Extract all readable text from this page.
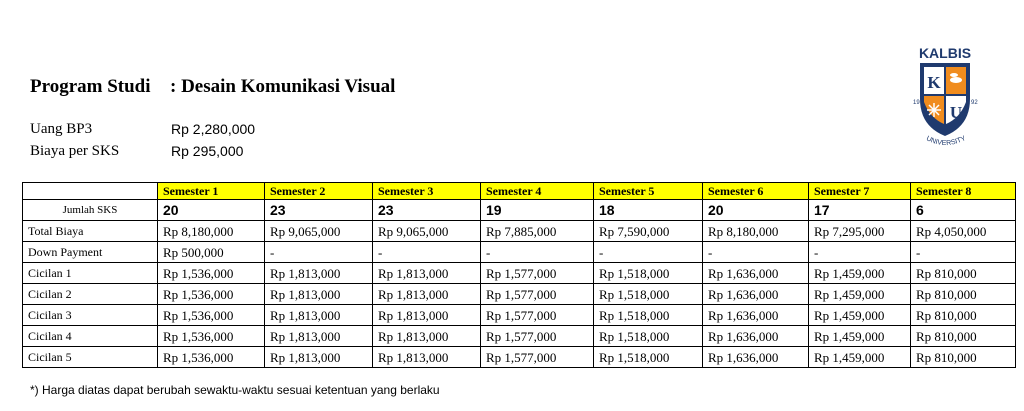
Program Studi : Desain Komunikasi Visual
Uang BP3	Rp 2,280,000
Biaya per SKS	Rp 295,000
KALBIS
K
U
19	92
UNIVERSITY
	Semester 1	Semester 2	Semester 3	Semester 4	Semester 5	Semester 6	Semester 7	Semester 8
Jumlah SKS	20	23	23	19	18	20	17	6
Total Biaya	Rp 8,180,000	Rp 9,065,000	Rp 9,065,000	Rp 7,885,000	Rp 7,590,000	Rp 8,180,000	Rp 7,295,000	Rp 4,050,000
Down Payment	Rp 500,000	-	-	-	-	-	-	-
Cicilan 1	Rp 1,536,000	Rp 1,813,000	Rp 1,813,000	Rp 1,577,000	Rp 1,518,000	Rp 1,636,000	Rp 1,459,000	Rp 810,000
Cicilan 2	Rp 1,536,000	Rp 1,813,000	Rp 1,813,000	Rp 1,577,000	Rp 1,518,000	Rp 1,636,000	Rp 1,459,000	Rp 810,000
Cicilan 3	Rp 1,536,000	Rp 1,813,000	Rp 1,813,000	Rp 1,577,000	Rp 1,518,000	Rp 1,636,000	Rp 1,459,000	Rp 810,000
Cicilan 4	Rp 1,536,000	Rp 1,813,000	Rp 1,813,000	Rp 1,577,000	Rp 1,518,000	Rp 1,636,000	Rp 1,459,000	Rp 810,000
Cicilan 5	Rp 1,536,000	Rp 1,813,000	Rp 1,813,000	Rp 1,577,000	Rp 1,518,000	Rp 1,636,000	Rp 1,459,000	Rp 810,000
*) Harga diatas dapat berubah sewaktu-waktu sesuai ketentuan yang berlaku
